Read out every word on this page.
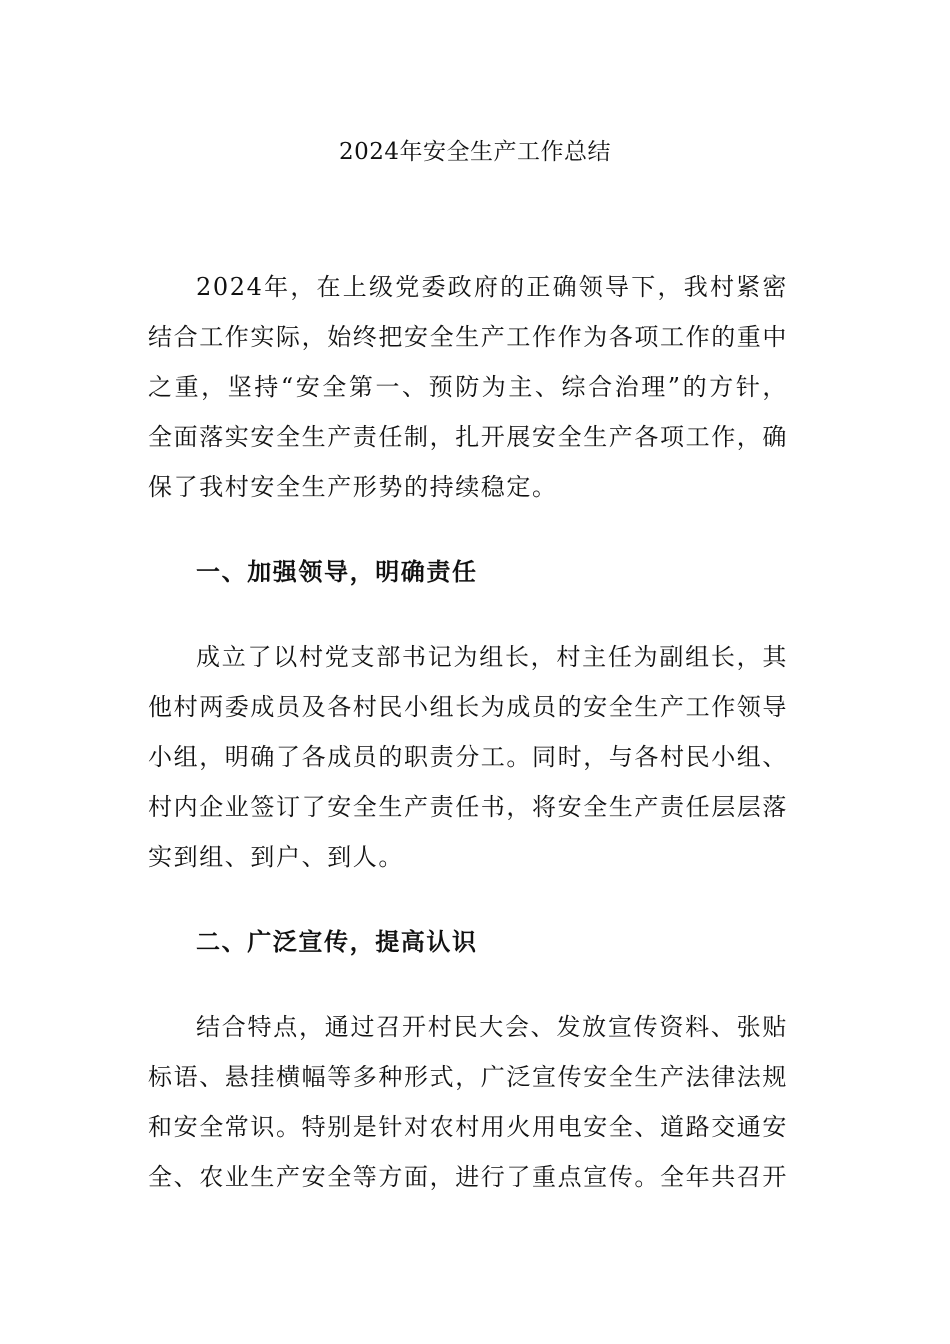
2024年安全生产工作总结

2024年，在上级党委政府的正确领导下，我村紧密结合工作实际，始终把安全生产工作作为各项工作的重中之重，坚持“安全第一、预防为主、综合治理”的方针，全面落实安全生产责任制，扎开展安全生产各项工作，确保了我村安全生产形势的持续稳定。

一、加强领导，明确责任

成立了以村党支部书记为组长，村主任为副组长，其他村两委成员及各村民小组长为成员的安全生产工作领导小组，明确了各成员的职责分工。同时，与各村民小组、村内企业签订了安全生产责任书，将安全生产责任层层落实到组、到户、到人。

二、广泛宣传，提高认识

结合特点，通过召开村民大会、发放宣传资料、张贴标语、悬挂横幅等多种形式，广泛宣传安全生产法律法规和安全常识。特别是针对农村用火用电安全、道路交通安全、农业生产安全等方面，进行了重点宣传。全年共召开
